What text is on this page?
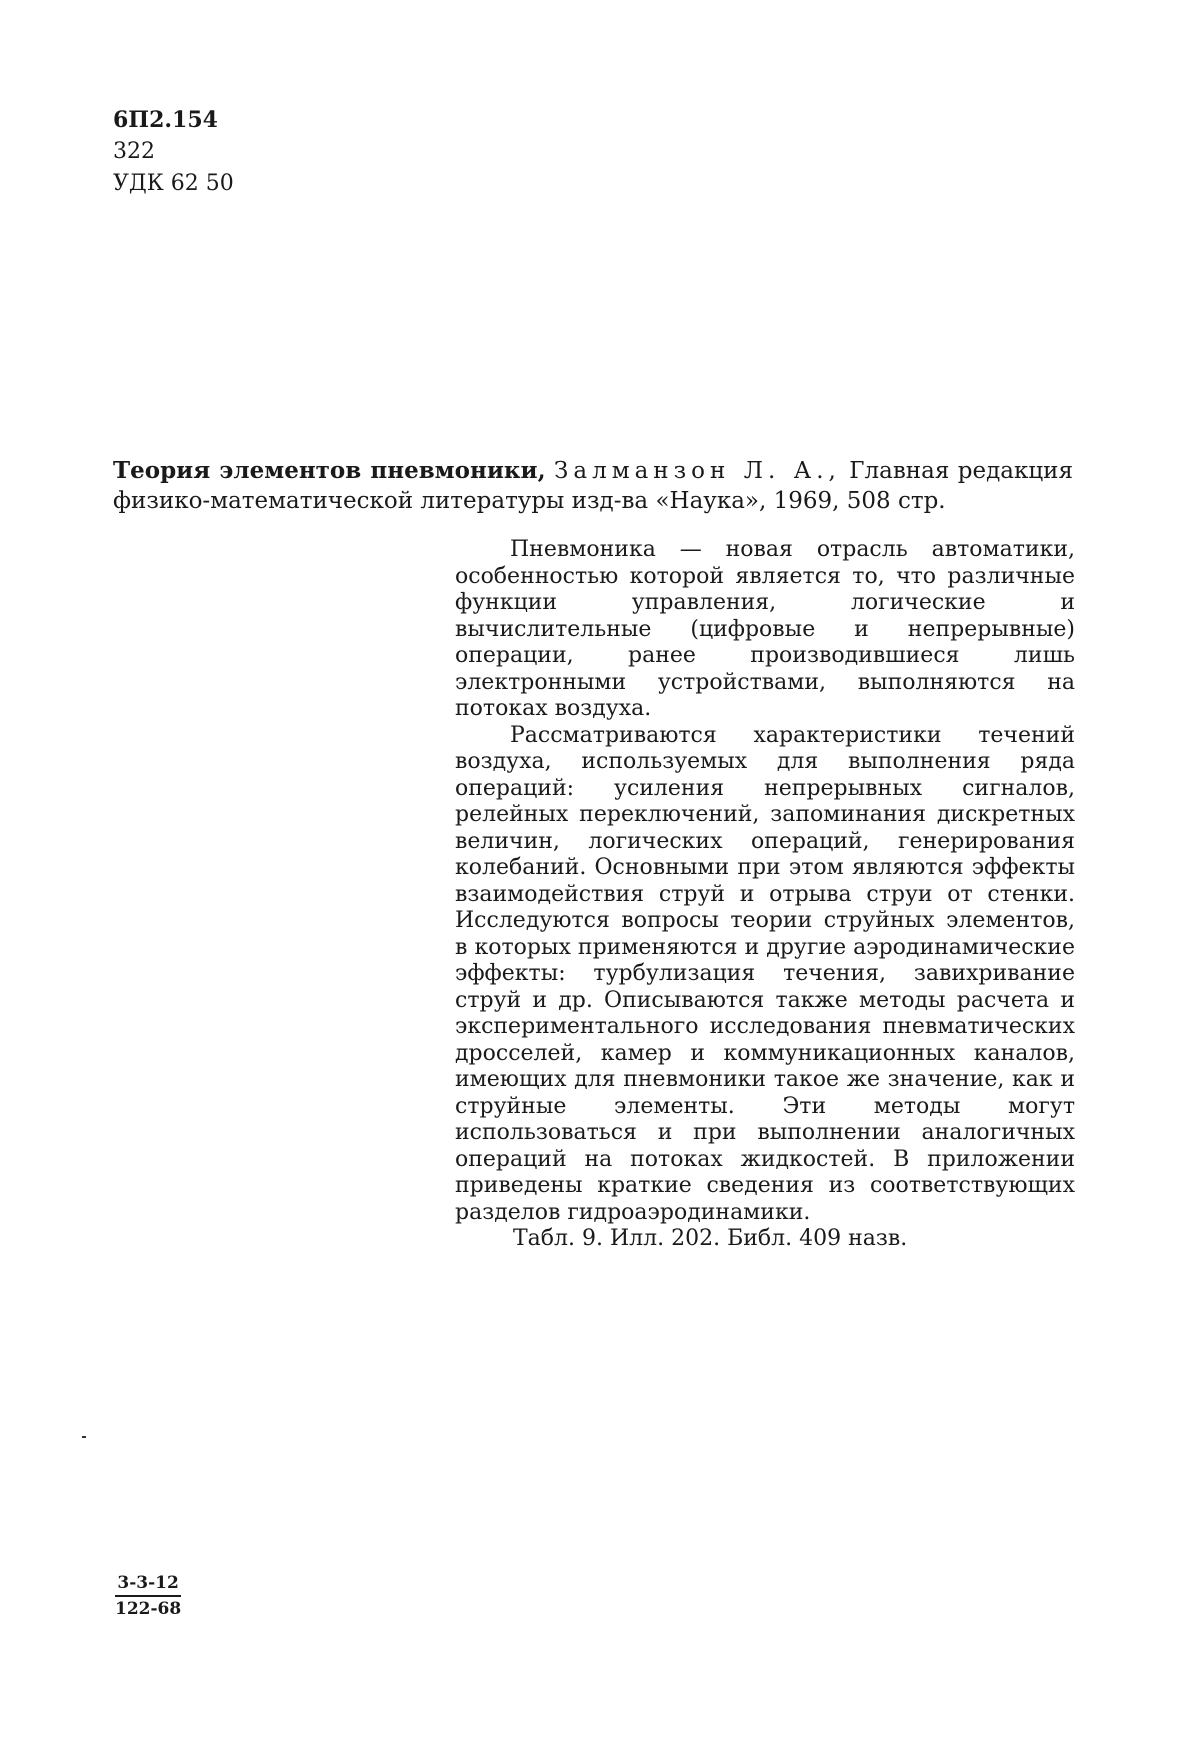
6П2.154
322
УДК 62 50
Теория элементов пневмоники, Залманзон Л. А., Главная редакция физико-математической литературы изд-ва «Наука», 1969, 508 стр.

Пневмоника — новая отрасль автоматики, особенностью которой является то, что различные функции управления, логические и вычислительные (цифровые и непрерывные) операции, ранее производившиеся лишь электронными устройствами, выполняются на потоках воздуха.

Рассматриваются характеристики течений воздуха, используемых для выполнения ряда операций: усиления непрерывных сигналов, релейных переключений, запоминания дискретных величин, логических операций, генерирования колебаний. Основными при этом являются эффекты взаимодействия струй и отрыва струи от стенки. Исследуются вопросы теории струйных элементов, в которых применяются и другие аэродинамические эффекты: турбулизация течения, завихривание струй и др. Описываются также методы расчета и экспериментального исследования пневматических дросселей, камер и коммуникационных каналов, имеющих для пневмоники такое же значение, как и струйные элементы. Эти методы могут использоваться и при выполнении аналогичных операций на потоках жидкостей. В приложении приведены краткие сведения из соответствующих разделов гидроаэродинамики.

Табл. 9. Илл. 202. Библ. 409 назв.

$\frac{3-3-12}{122-68}$
